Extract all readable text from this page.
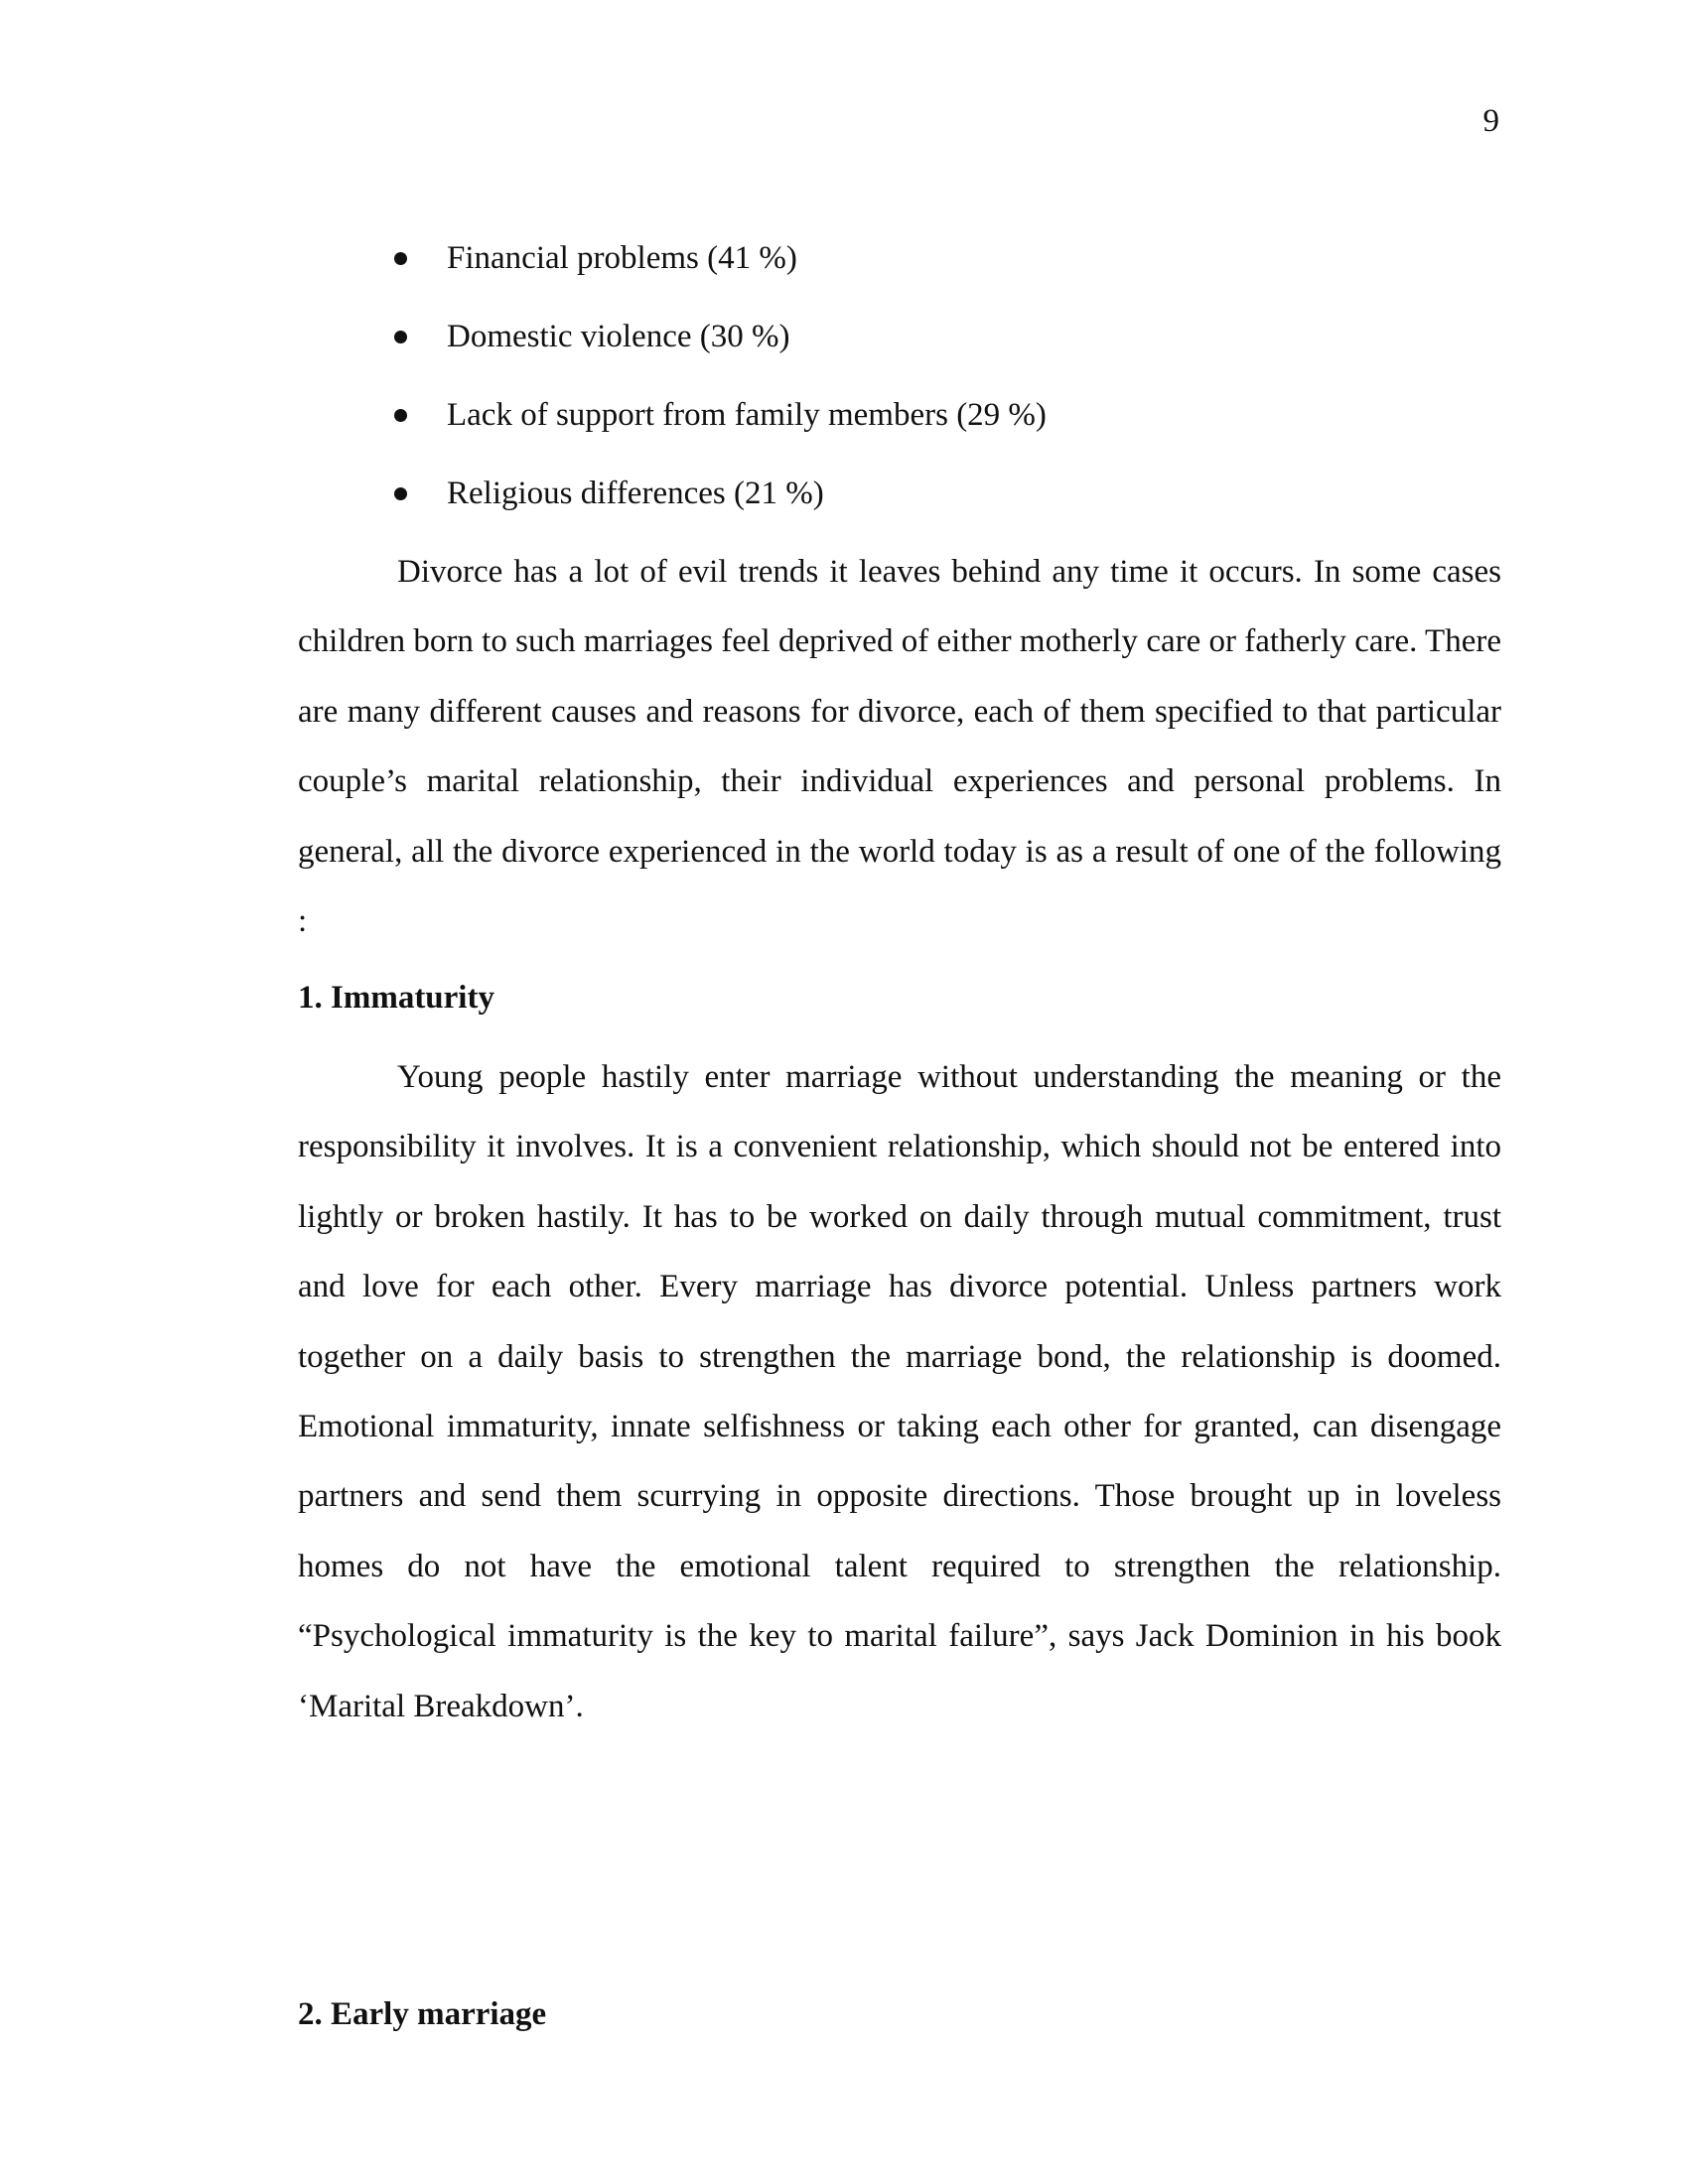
9
Financial problems (41 %)
Domestic violence (30 %)
Lack of support from family members (29 %)
Religious differences (21 %)

Divorce has a lot of evil trends it leaves behind any time it occurs. In some cases children born to such marriages feel deprived of either motherly care or fatherly care. There are many different causes and reasons for divorce, each of them specified to that particular couple’s marital relationship, their individual experiences and personal problems. In general, all the divorce experienced in the world today is as a result of one of the following :

1. Immaturity

Young people hastily enter marriage without understanding the meaning or the responsibility it involves. It is a convenient relationship, which should not be entered into lightly or broken hastily. It has to be worked on daily through mutual commitment, trust and love for each other. Every marriage has divorce potential. Unless partners work together on a daily basis to strengthen the marriage bond, the relationship is doomed. Emotional immaturity, innate selfishness or taking each other for granted, can disengage partners and send them scurrying in opposite directions. Those brought up in loveless homes do not have the emotional talent required to strengthen the relationship. “Psychological immaturity is the key to marital failure”, says Jack Dominion in his book ‘Marital Breakdown’.

2. Early marriage
